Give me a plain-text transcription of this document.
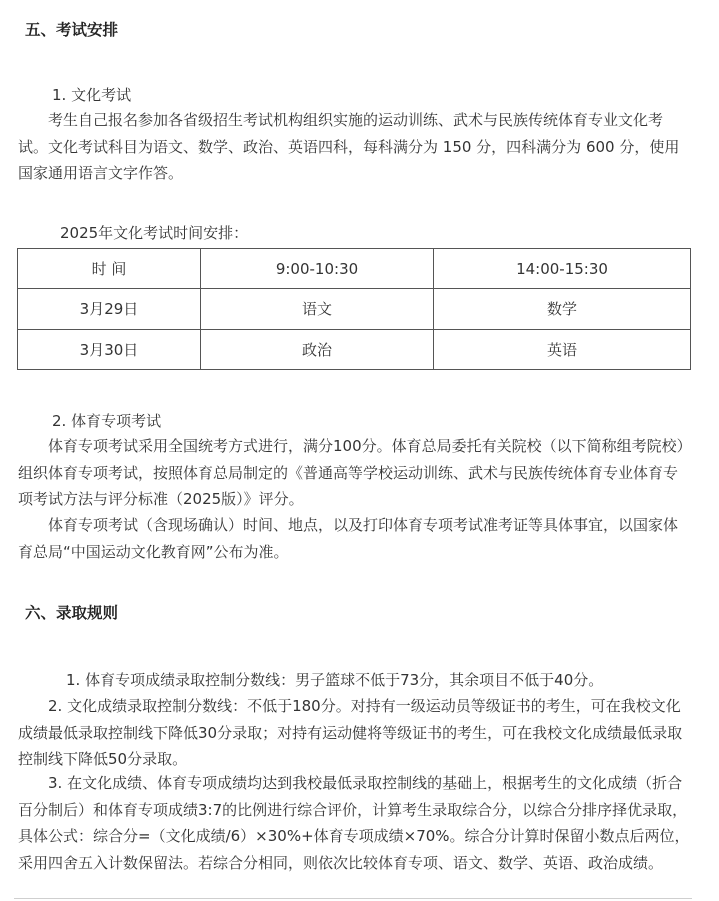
五、考试安排
1. 文化考试

考生自己报名参加各省级招生考试机构组织实施的运动训练、武术与民族传统体育专业文化考试。文化考试科目为语文、数学、政治、英语四科，每科满分为 150 分，四科满分为 600 分，使用国家通用语言文字作答。

2025年文化考试时间安排：
时 间	9:00-10:30	14:00-15:30
3月29日	语文	数学
3月30日	政治	英语
2. 体育专项考试

体育专项考试采用全国统考方式进行，满分100分。体育总局委托有关院校（以下简称组考院校）组织体育专项考试，按照体育总局制定的《普通高等学校运动训练、武术与民族传统体育专业体育专项考试方法与评分标准（2025版）》评分。

体育专项考试（含现场确认）时间、地点，以及打印体育专项考试准考证等具体事宜，以国家体育总局“中国运动文化教育网”公布为准。

六、录取规则

1. 体育专项成绩录取控制分数线：男子篮球不低于73分，其余项目不低于40分。

2. 文化成绩录取控制分数线：不低于180分。对持有一级运动员等级证书的考生，可在我校文化成绩最低录取控制线下降低30分录取；对持有运动健将等级证书的考生，可在我校文化成绩最低录取控制线下降低50分录取。

3. 在文化成绩、体育专项成绩均达到我校最低录取控制线的基础上，根据考生的文化成绩（折合百分制后）和体育专项成绩3:7的比例进行综合评价，计算考生录取综合分，以综合分排序择优录取，具体公式：综合分=（文化成绩/6）×30%+体育专项成绩×70%。综合分计算时保留小数点后两位，采用四舍五入计数保留法。若综合分相同，则依次比较体育专项、语文、数学、英语、政治成绩。
